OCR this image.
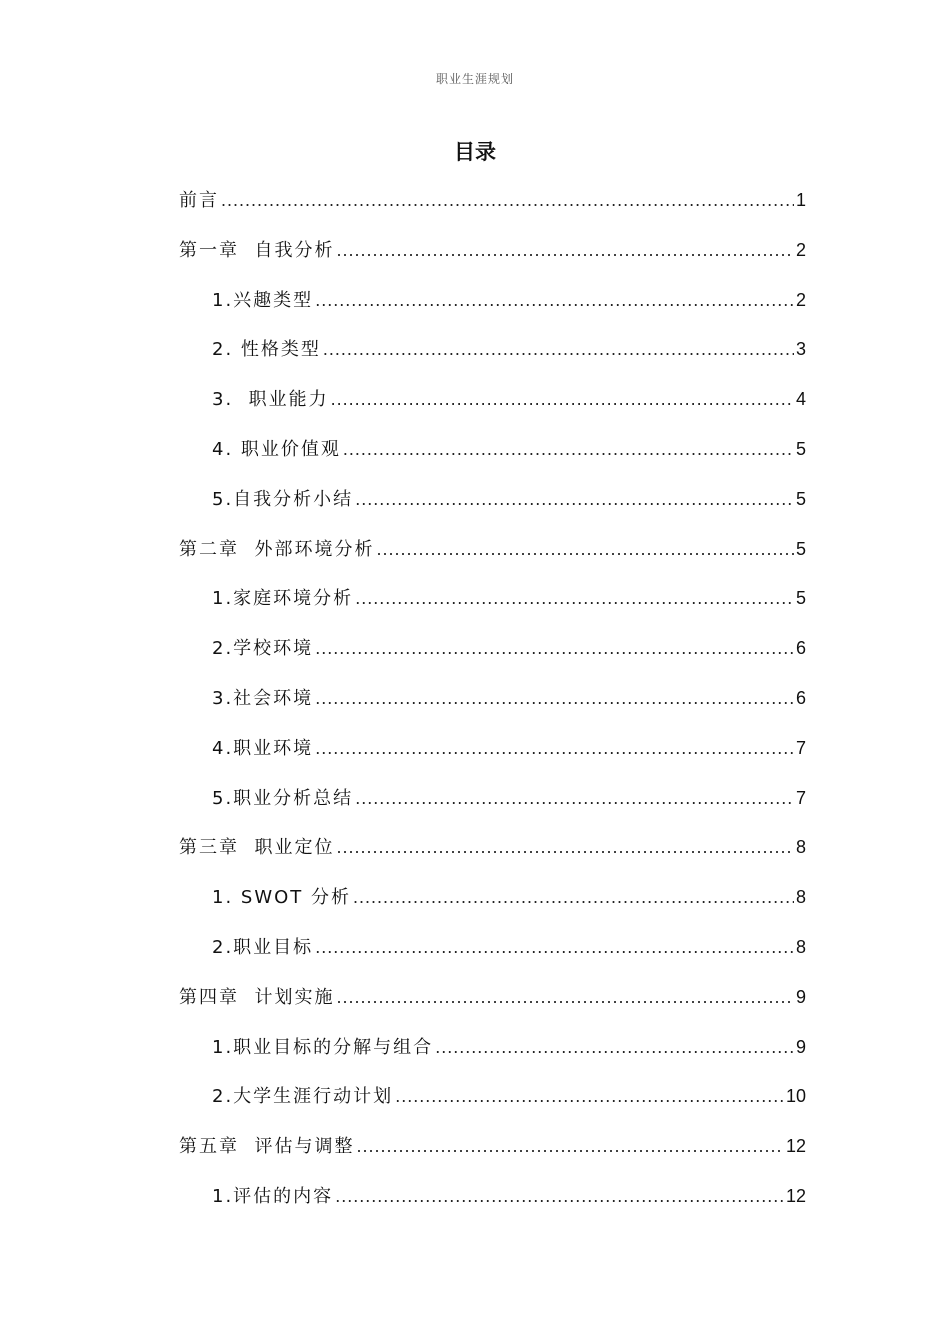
职业生涯规划
目录
前言 .....	1
第一章  自我分析 .....	2
1.兴趣类型 .....	2
2. 性格类型 .....	3
3.  职业能力 .....	4
4. 职业价值观 .....	5
5.自我分析小结 .....	5
第二章  外部环境分析 .....	5
1.家庭环境分析 .....	5
2.学校环境 .....	6
3.社会环境 .....	6
4.职业环境 .....	7
5.职业分析总结 .....	7
第三章  职业定位 .....	8
1. SWOT 分析 .....	8
2.职业目标 .....	8
第四章  计划实施 .....	9
1.职业目标的分解与组合 .....	9
2.大学生涯行动计划 .....	10
第五章  评估与调整 .....	12
1.评估的内容 .....	12
